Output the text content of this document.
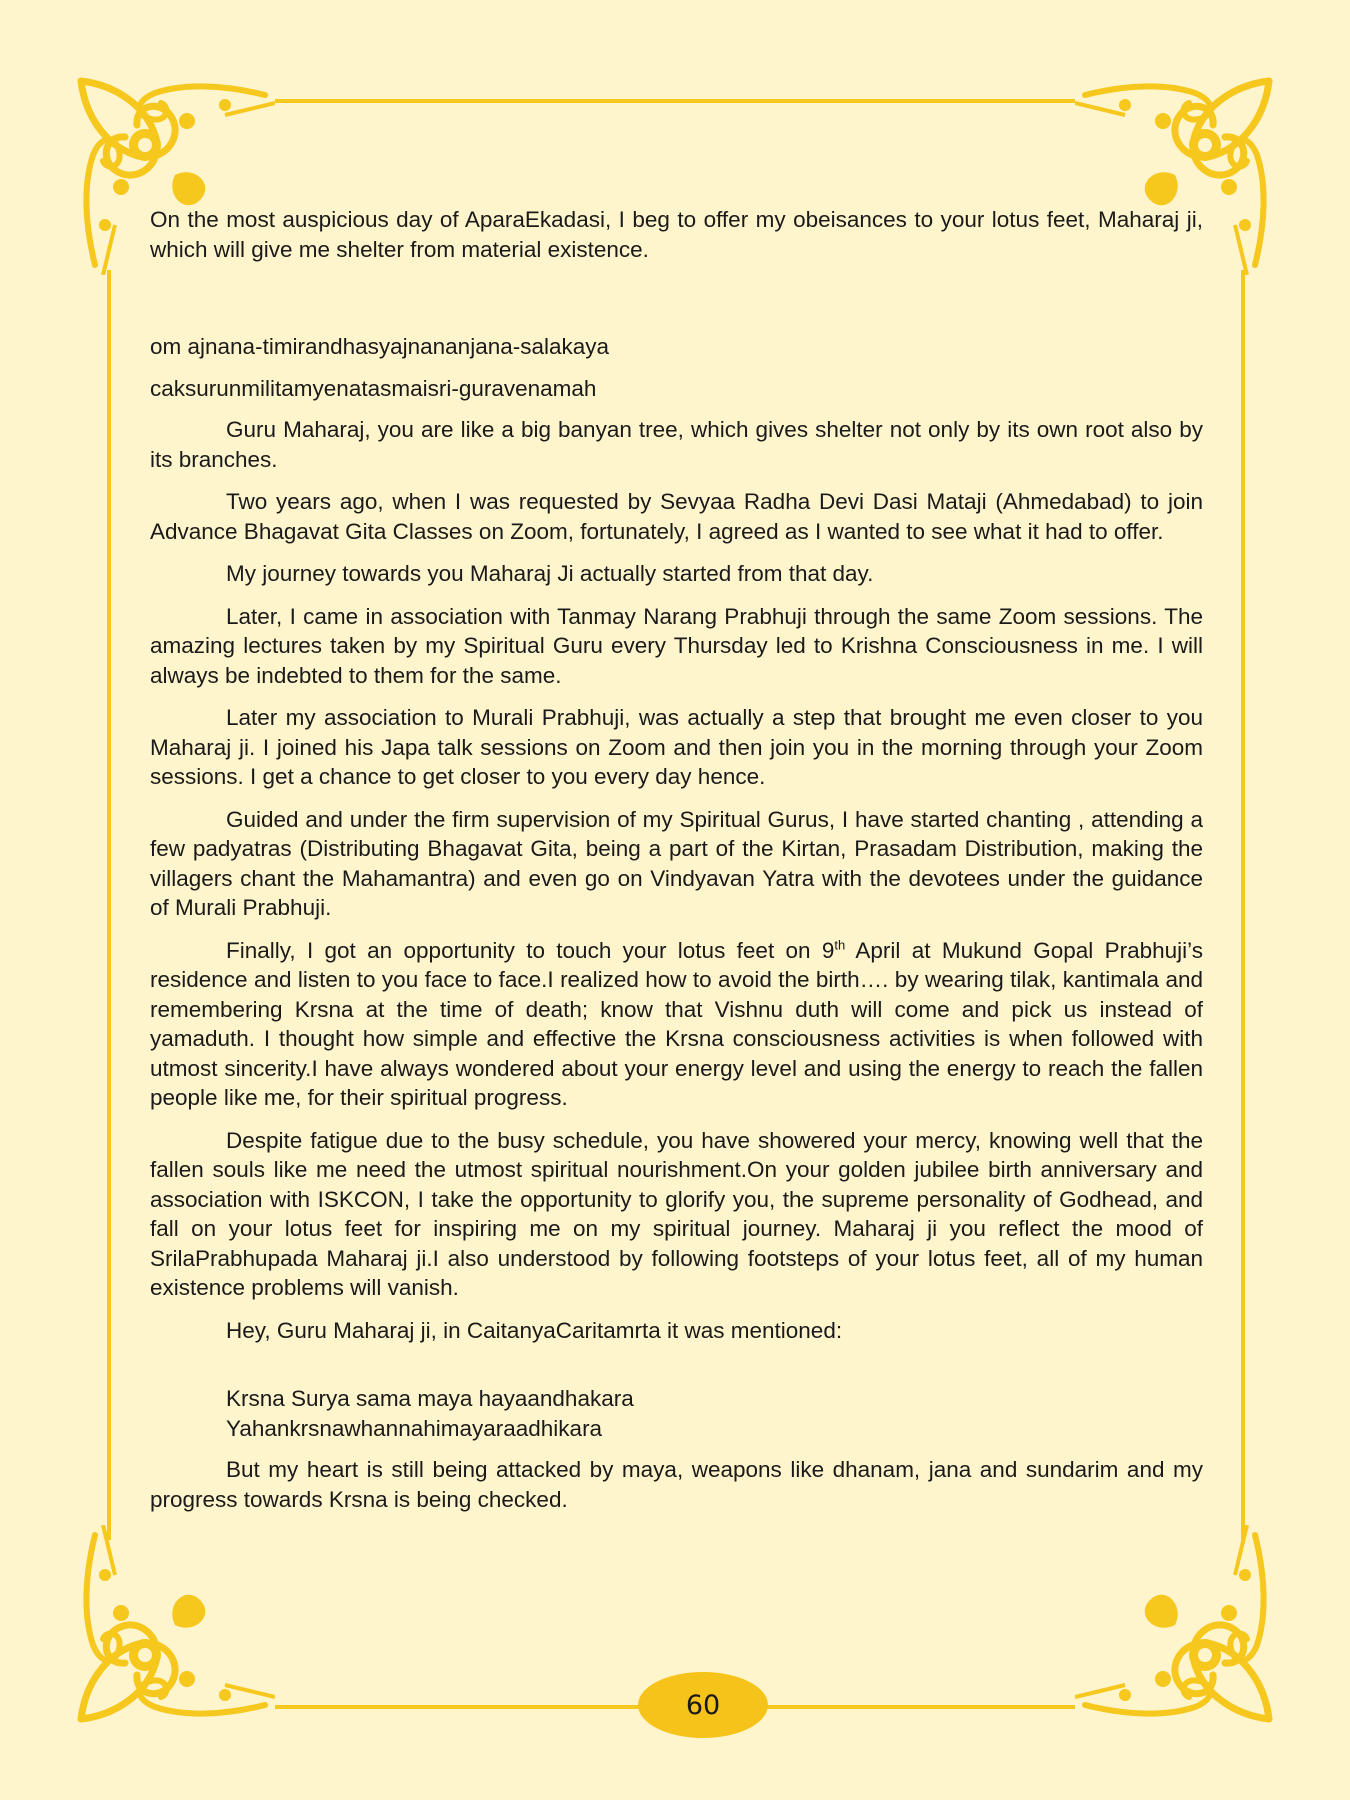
On the most auspicious day of AparaEkadasi, I beg to offer my obeisances to your lotus feet, Maharaj ji, which will give me shelter from material existence.

om ajnana-timirandhasyajnananjana-salakaya

caksurunmilitamyenatasmaisri-guravenamah

Guru Maharaj, you are like a big banyan tree, which gives shelter not only by its own root also by its branches.

Two years ago, when I was requested by Sevyaa Radha Devi Dasi Mataji (Ahmedabad) to join Advance Bhagavat Gita Classes on Zoom, fortunately, I agreed as I wanted to see what it had to offer.

My journey towards you Maharaj Ji actually started from that day.

Later, I came in association with Tanmay Narang Prabhuji through the same Zoom sessions. The amazing lectures taken by my Spiritual Guru every Thursday led to Krishna Consciousness in me. I will always be indebted to them for the same.

Later my association to Murali Prabhuji, was actually a step that brought me even closer to you Maharaj ji. I joined his Japa talk sessions on Zoom and then join you in the morning through your Zoom sessions. I get a chance to get closer to you every day hence.

Guided and under the firm supervision of my Spiritual Gurus, I have started chanting , attending a few padyatras (Distributing Bhagavat Gita, being a part of the Kirtan, Prasadam Distribution, making the villagers chant the Mahamantra) and even go on Vindyavan Yatra with the devotees under the guidance of Murali Prabhuji.

Finally, I got an opportunity to touch your lotus feet on 9th April at Mukund Gopal Prabhuji’s residence and listen to you face to face.I realized how to avoid the birth…. by wearing tilak, kantimala and remembering Krsna at the time of death; know that Vishnu duth will come and pick us instead of yamaduth. I thought how simple and effective the Krsna consciousness activities is when followed with utmost sincerity.I have always wondered about your energy level and using the energy to reach the fallen people like me, for their spiritual progress.

Despite fatigue due to the busy schedule, you have showered your mercy, knowing well that the fallen souls like me need the utmost spiritual nourishment.On your golden jubilee birth anniversary and association with ISKCON, I take the opportunity to glorify you, the supreme personality of Godhead, and fall on your lotus feet for inspiring me on my spiritual journey. Maharaj ji you reflect the mood of SrilaPrabhupada Maharaj ji.I also understood by following footsteps of your lotus feet, all of my human existence problems will vanish.

Hey, Guru Maharaj ji, in CaitanyaCaritamrta it was mentioned:

Krsna Surya sama maya hayaandhakara

Yahankrsnawhannahimayaraadhikara

But my heart is still being attacked by maya, weapons like dhanam, jana and sundarim and my progress towards Krsna is being checked.

60
